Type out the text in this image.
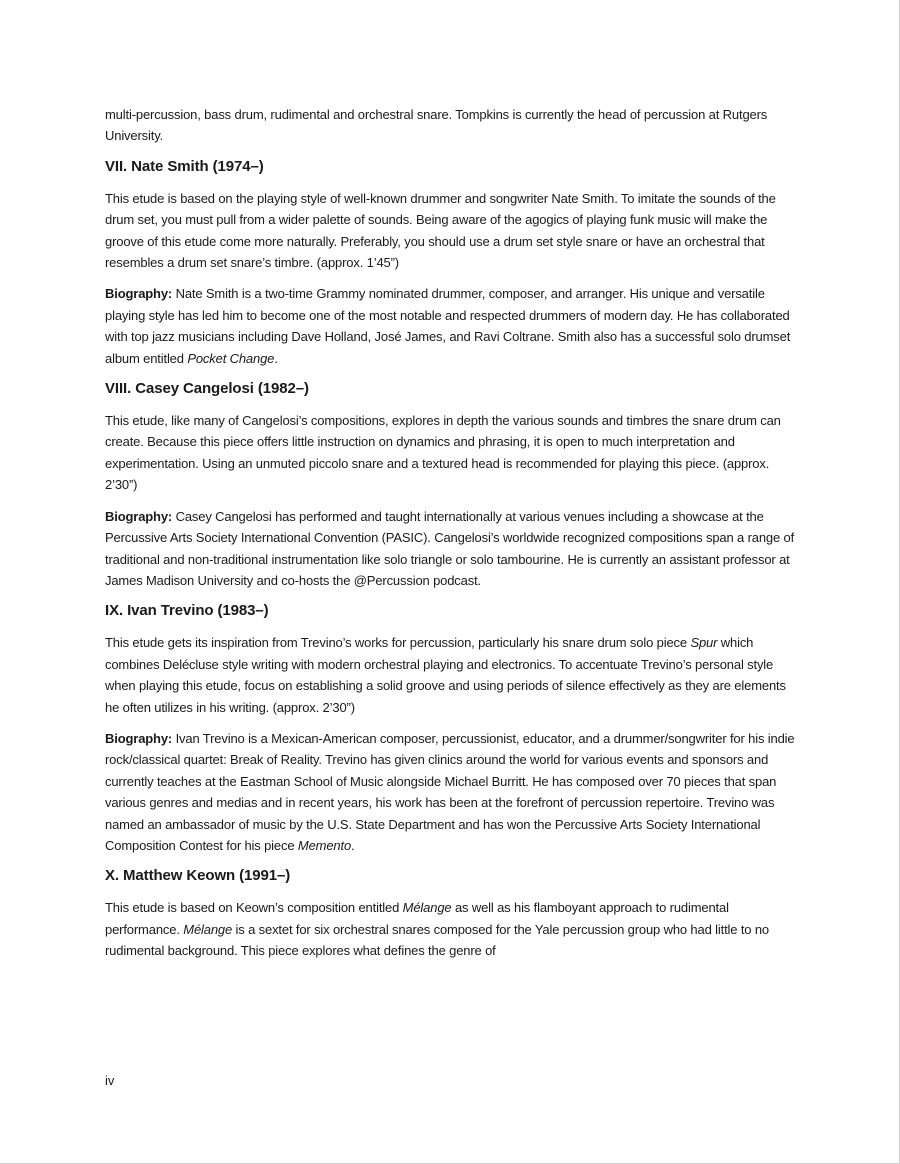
multi-percussion, bass drum, rudimental and orchestral snare. Tompkins is currently the head of percussion at Rutgers University.

VII. Nate Smith (1974–)

This etude is based on the playing style of well-known drummer and songwriter Nate Smith. To imitate the sounds of the drum set, you must pull from a wider palette of sounds. Being aware of the agogics of playing funk music will make the groove of this etude come more naturally. Preferably, you should use a drum set style snare or have an orchestral that resembles a drum set snare’s timbre. (approx. 1’45”)

Biography: Nate Smith is a two-time Grammy nominated drummer, composer, and arranger. His unique and versatile playing style has led him to become one of the most notable and respected drummers of modern day. He has collaborated with top jazz musicians including Dave Holland, José James, and Ravi Coltrane. Smith also has a successful solo drumset album entitled Pocket Change.

VIII. Casey Cangelosi (1982–)

This etude, like many of Cangelosi’s compositions, explores in depth the various sounds and timbres the snare drum can create. Because this piece offers little instruction on dynamics and phrasing, it is open to much interpretation and experimentation. Using an unmuted piccolo snare and a textured head is recommended for playing this piece. (approx. 2’30”)

Biography: Casey Cangelosi has performed and taught internationally at various venues including a showcase at the Percussive Arts Society International Convention (PASIC). Cangelosi’s worldwide recognized compositions span a range of traditional and non-traditional instrumentation like solo triangle or solo tambourine. He is currently an assistant professor at James Madison University and co-hosts the @Percussion podcast.

IX. Ivan Trevino (1983–)

This etude gets its inspiration from Trevino’s works for percussion, particularly his snare drum solo piece Spur which combines Delécluse style writing with modern orchestral playing and electronics. To accentuate Trevino’s personal style when playing this etude, focus on establishing a solid groove and using periods of silence effectively as they are elements he often utilizes in his writing. (approx. 2’30”)

Biography: Ivan Trevino is a Mexican-American composer, percussionist, educator, and a drummer/songwriter for his indie rock/classical quartet: Break of Reality. Trevino has given clinics around the world for various events and sponsors and currently teaches at the Eastman School of Music alongside Michael Burritt. He has composed over 70 pieces that span various genres and medias and in recent years, his work has been at the forefront of percussion repertoire. Trevino was named an ambassador of music by the U.S. State Department and has won the Percussive Arts Society International Composition Contest for his piece Memento.

X. Matthew Keown (1991–)

This etude is based on Keown’s composition entitled Mélange as well as his flamboyant approach to rudimental performance. Mélange is a sextet for six orchestral snares composed for the Yale percussion group who had little to no rudimental background. This piece explores what defines the genre of

iv
